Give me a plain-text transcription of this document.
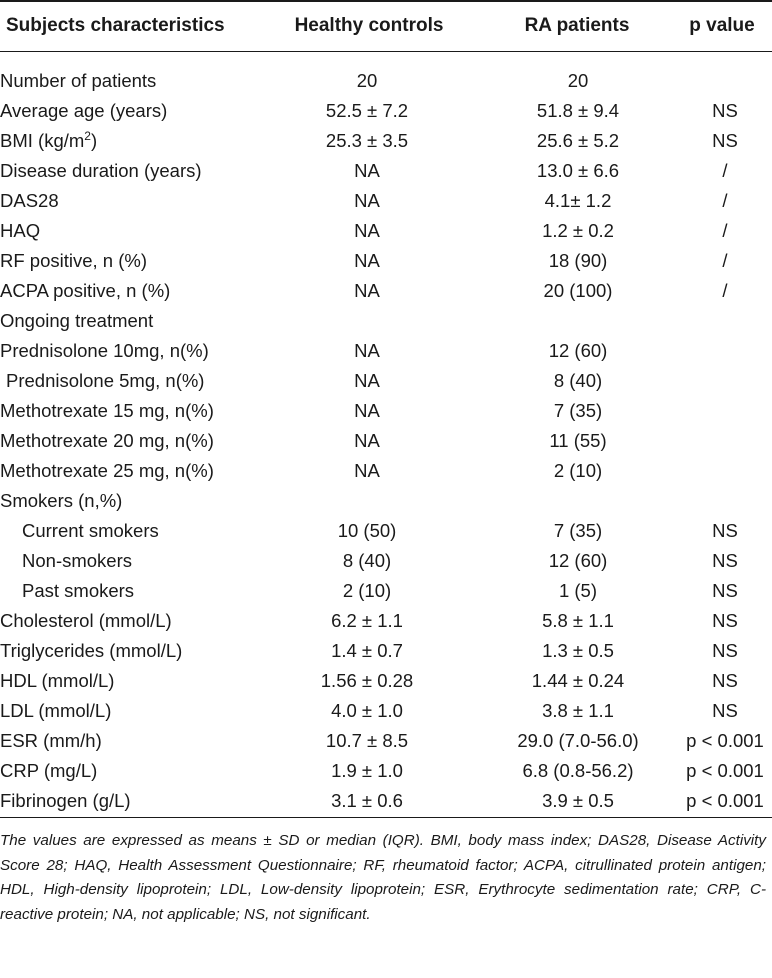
Subjects characteristics	Healthy controls	RA patients	p value
Number of patients	20	20
Average age (years)	52.5 ± 7.2	51.8 ± 9.4	NS
BMI $(kg/m^2)$	25.3 ± 3.5	25.6 ± 5.2	NS
Disease duration (years)	NA	13.0 ± 6.6	/
DAS28	NA	4.1± 1.2	/
HAQ	NA	1.2 ± 0.2	/
RF positive, n (%)	NA	18 (90)	/
ACPA positive, n (%)	NA	20 (100)	/
Ongoing treatment
Prednisolone 10mg, n(%)	NA	12 (60)
Prednisolone 5mg, n(%)	NA	8 (40)
Methotrexate 15 mg, n(%)	NA	7 (35)
Methotrexate 20 mg, n(%)	NA	11 (55)
Methotrexate 25 mg, n(%)	NA	2 (10)
Smokers (n,%)
Current smokers	10 (50)	7 (35)	NS
Non-smokers	8 (40)	12 (60)	NS
Past smokers	2 (10)	1 (5)	NS
Cholesterol (mmol/L)	6.2 ± 1.1	5.8 ± 1.1	NS
Triglycerides (mmol/L)	1.4 ± 0.7	1.3 ± 0.5	NS
HDL (mmol/L)	1.56 ± 0.28	1.44 ± 0.24	NS
LDL (mmol/L)	4.0 ± 1.0	3.8 ± 1.1	NS
ESR (mm/h)	10.7 ± 8.5	29.0 (7.0-56.0)	p < 0.001
CRP (mg/L)	1.9 ± 1.0	6.8 (0.8-56.2)	p < 0.001
Fibrinogen (g/L)	3.1 ± 0.6	3.9 ± 0.5	p < 0.001
The values are expressed as means ± SD or median (IQR). BMI, body mass index; DAS28, Disease Activity Score 28; HAQ, Health Assessment Questionnaire; RF, rheumatoid factor; ACPA, citrullinated protein antigen; HDL, High-density lipoprotein; LDL, Low-density lipoprotein; ESR, Erythrocyte sedimentation rate; CRP, C-reactive protein; NA, not applicable; NS, not significant.
